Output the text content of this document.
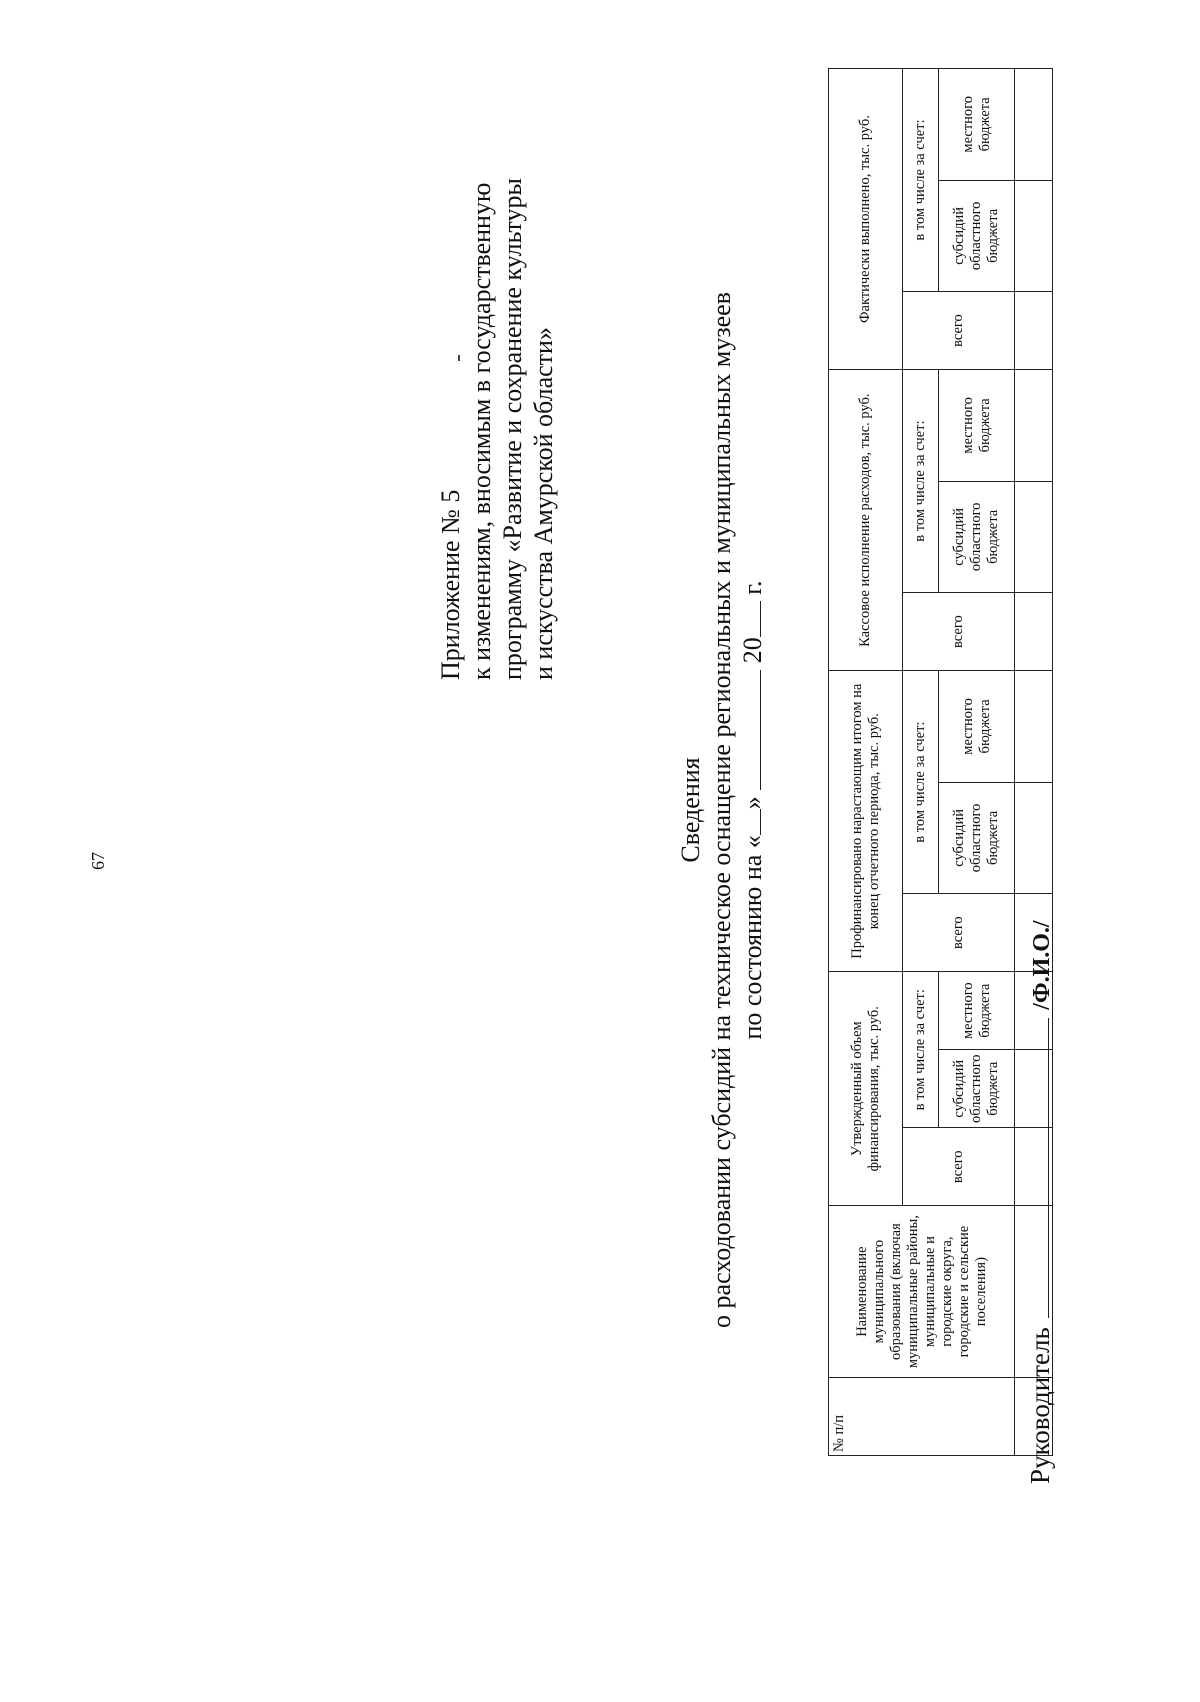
67
Приложение № 5 к изменениям, вносимым в государственную программу «Развитие и сохранение культуры и искусства Амурской области»
Сведения о расходовании субсидий на техническое оснащение региональных и муниципальных музеев по состоянию на «»  20 г.
№ п/п	Наименование муниципального образования (включая муниципальные районы, муниципальные и городские округа, городские и сельские поселения)	Утвержденный объем финансирования, тыс. руб.			Профинансировано нарастающим итогом на конец отчетного периода, тыс. руб.			Кассовое исполнение расходов, тыс. руб.			Фактически выполнено, тыс. руб.		
		всего	в том числе за счет:		всего	в том числе за счет:		всего	в том числе за счет:		всего	в том числе за счет:	
			субсидий областного бюджета	местного бюджета		субсидий областного бюджета	местного бюджета		субсидий областного бюджета	местного бюджета		субсидий областного бюджета	местного бюджета

Руководитель  /Ф.И.О./
